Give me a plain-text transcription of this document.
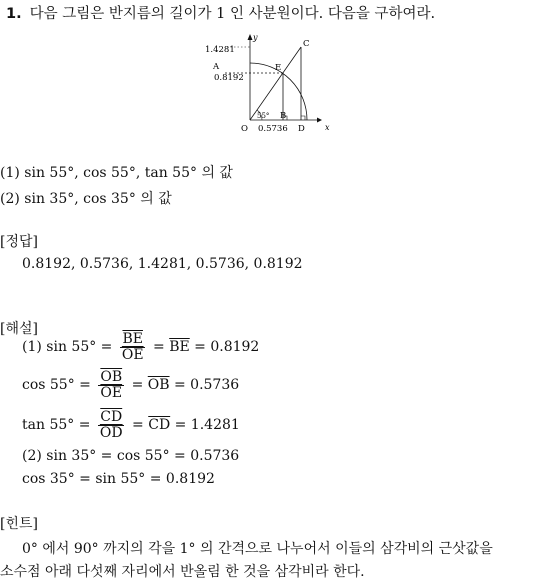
1. 다음 그림은 반지름의 길이가 1 인 사분원이다. 다음을 구하여라.
y
x
1.4281
A
0.8192
C
E
O
55° B
0.5736 D
(1) sin 55°, cos 55°, tan 55° 의 값
(2) sin 35°, cos 35° 의 값
[정답]
0.8192, 0.5736, 1.4281, 0.5736, 0.8192
[해설]
(1) $\sin 55^\circ = \frac{\overline{BE}}{OE} = \overline{BE} = 0.8192$
$\cos 55^\circ = \frac{\overline{OB}}{OE} = \overline{OB} = 0.5736$
$\tan 55^\circ = \frac{\overline{CD}}{OD} = \overline{CD} = 1.4281$
(2) sin 35° = cos 55° = 0.5736
cos 35° = sin 55° = 0.8192
[힌트]
0° 에서 90° 까지의 각을 1° 의 간격으로 나누어서 이들의 삼각비의 근삿값을
소수점 아래 다섯째 자리에서 반올림 한 것을 삼각비라 한다.
